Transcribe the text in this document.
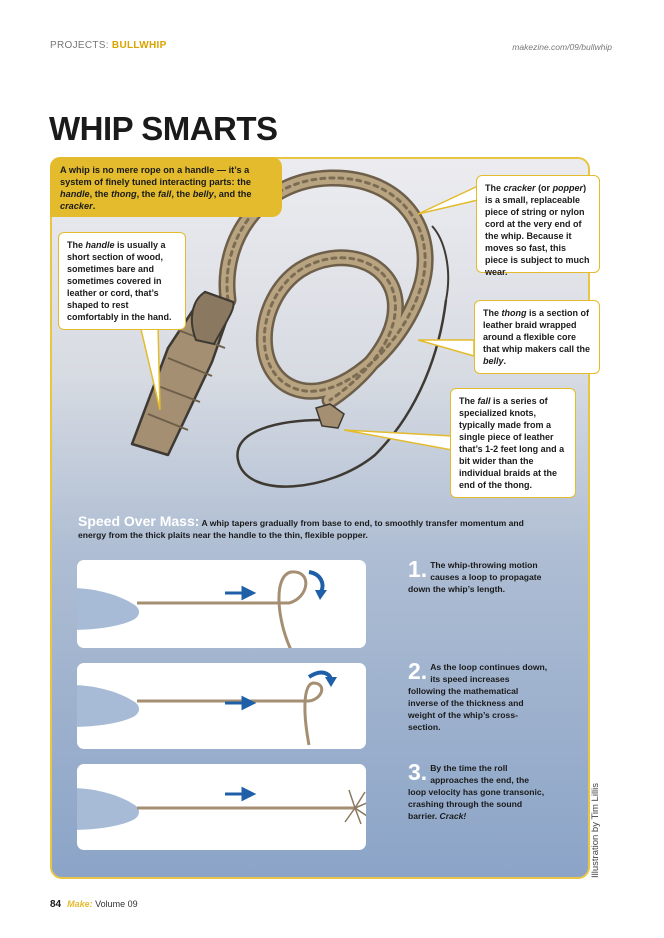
PROJECTS: BULLWHIP	makezine.com/09/bullwhip
WHIP SMARTS
A whip is no mere rope on a handle — it’s a system of finely tuned interacting parts: the handle, the thong, the fall, the belly, and the cracker.
The cracker (or popper) is a small, replaceable piece of string or nylon cord at the very end of the whip. Because it moves so fast, this piece is subject to much wear.
The handle is usually a short section of wood, sometimes bare and sometimes covered in leather or cord, that’s shaped to rest comfortably in the hand.	The thong is a section of leather braid wrapped around a flexible core that whip makers call the belly.
The fall is a series of specialized knots, typically made from a single piece of leather that’s 1-2 feet long and a bit wider than the individual braids at the end of the thong.
Speed Over Mass: A whip tapers gradually from base to end, to smoothly transfer momentum and energy from the thick plaits near the handle to the thin, flexible popper.
1. The whip-throwing motion causes a loop to propagate down the whip’s length.
2. As the loop continues down, its speed increases following the mathematical inverse of the thickness and weight of the whip’s cross-section.
3. By the time the roll approaches the end, the loop velocity has gone transonic, crashing through the sound barrier. Crack!	Illustration by Tim Lillis
84 Make: Volume 09
